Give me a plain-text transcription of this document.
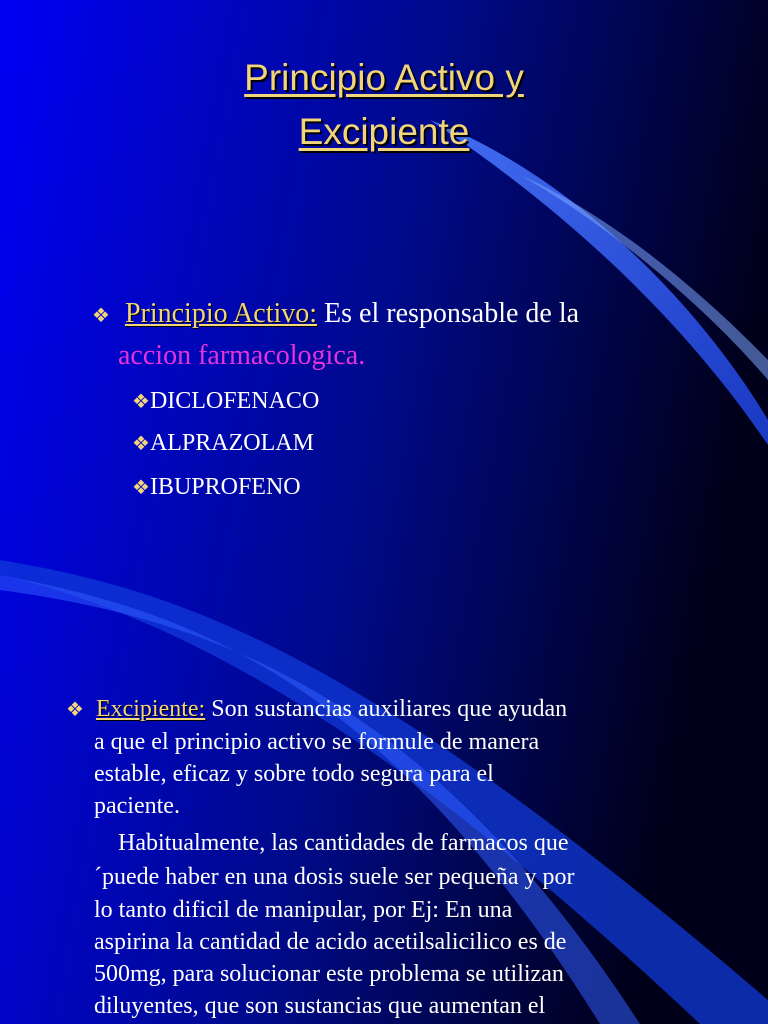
Principio Activo y
Excipiente
❖ Principio Activo: Es el responsable de la
accion farmacologica.
❖DICLOFENACO
❖ALPRAZOLAM
❖IBUPROFENO
❖ Excipiente: Son sustancias auxiliares que ayudan
a que el principio activo se formule de manera
estable, eficaz y sobre todo segura para el
paciente.
Habitualmente, las cantidades de farmacos que
´puede haber en una dosis suele ser pequeña y por
lo tanto dificil de manipular, por Ej: En una
aspirina la cantidad de acido acetilsalicilico es de
500mg, para solucionar este problema se utilizan
diluyentes, que son sustancias que aumentan el
